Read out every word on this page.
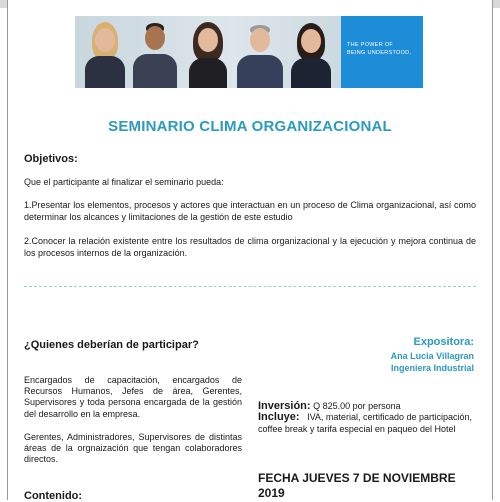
THE POWER OF
BEING UNDERSTOOD.
SEMINARIO CLIMA ORGANIZACIONAL
Objetivos:
Que el participante al finalizar el seminario pueda:
1.Presentar los elementos, procesos y actores que interactuan en un proceso de Clima organizacional, así como determinar los alcances y limitaciones de la gestión de este estudio
2.Conocer la relación existente entre los resultados de clima organizacional y la ejecución y mejora continua de los procesos internos de la organización.
¿Quienes deberían de participar?
Encargados de capacitación, encargados de Recursos Humanos, Jefes de área, Gerentes, Supervisores y toda persona encargada de la gestión del desarrollo en la empresa.
Gerentes, Administradores, Supervisores de distintas áreas de la orgnaización que tengan colaboradores directos.
Contenido:
Expositora:
Ana Lucia Villagran
Ingeniera Industrial
Inversión: Q 825.00 por persona
Incluye: IVA, material, certificado de participación, coffee break y tarifa especial en paqueo del Hotel
FECHA JUEVES 7 DE NOVIEMBRE 2019
